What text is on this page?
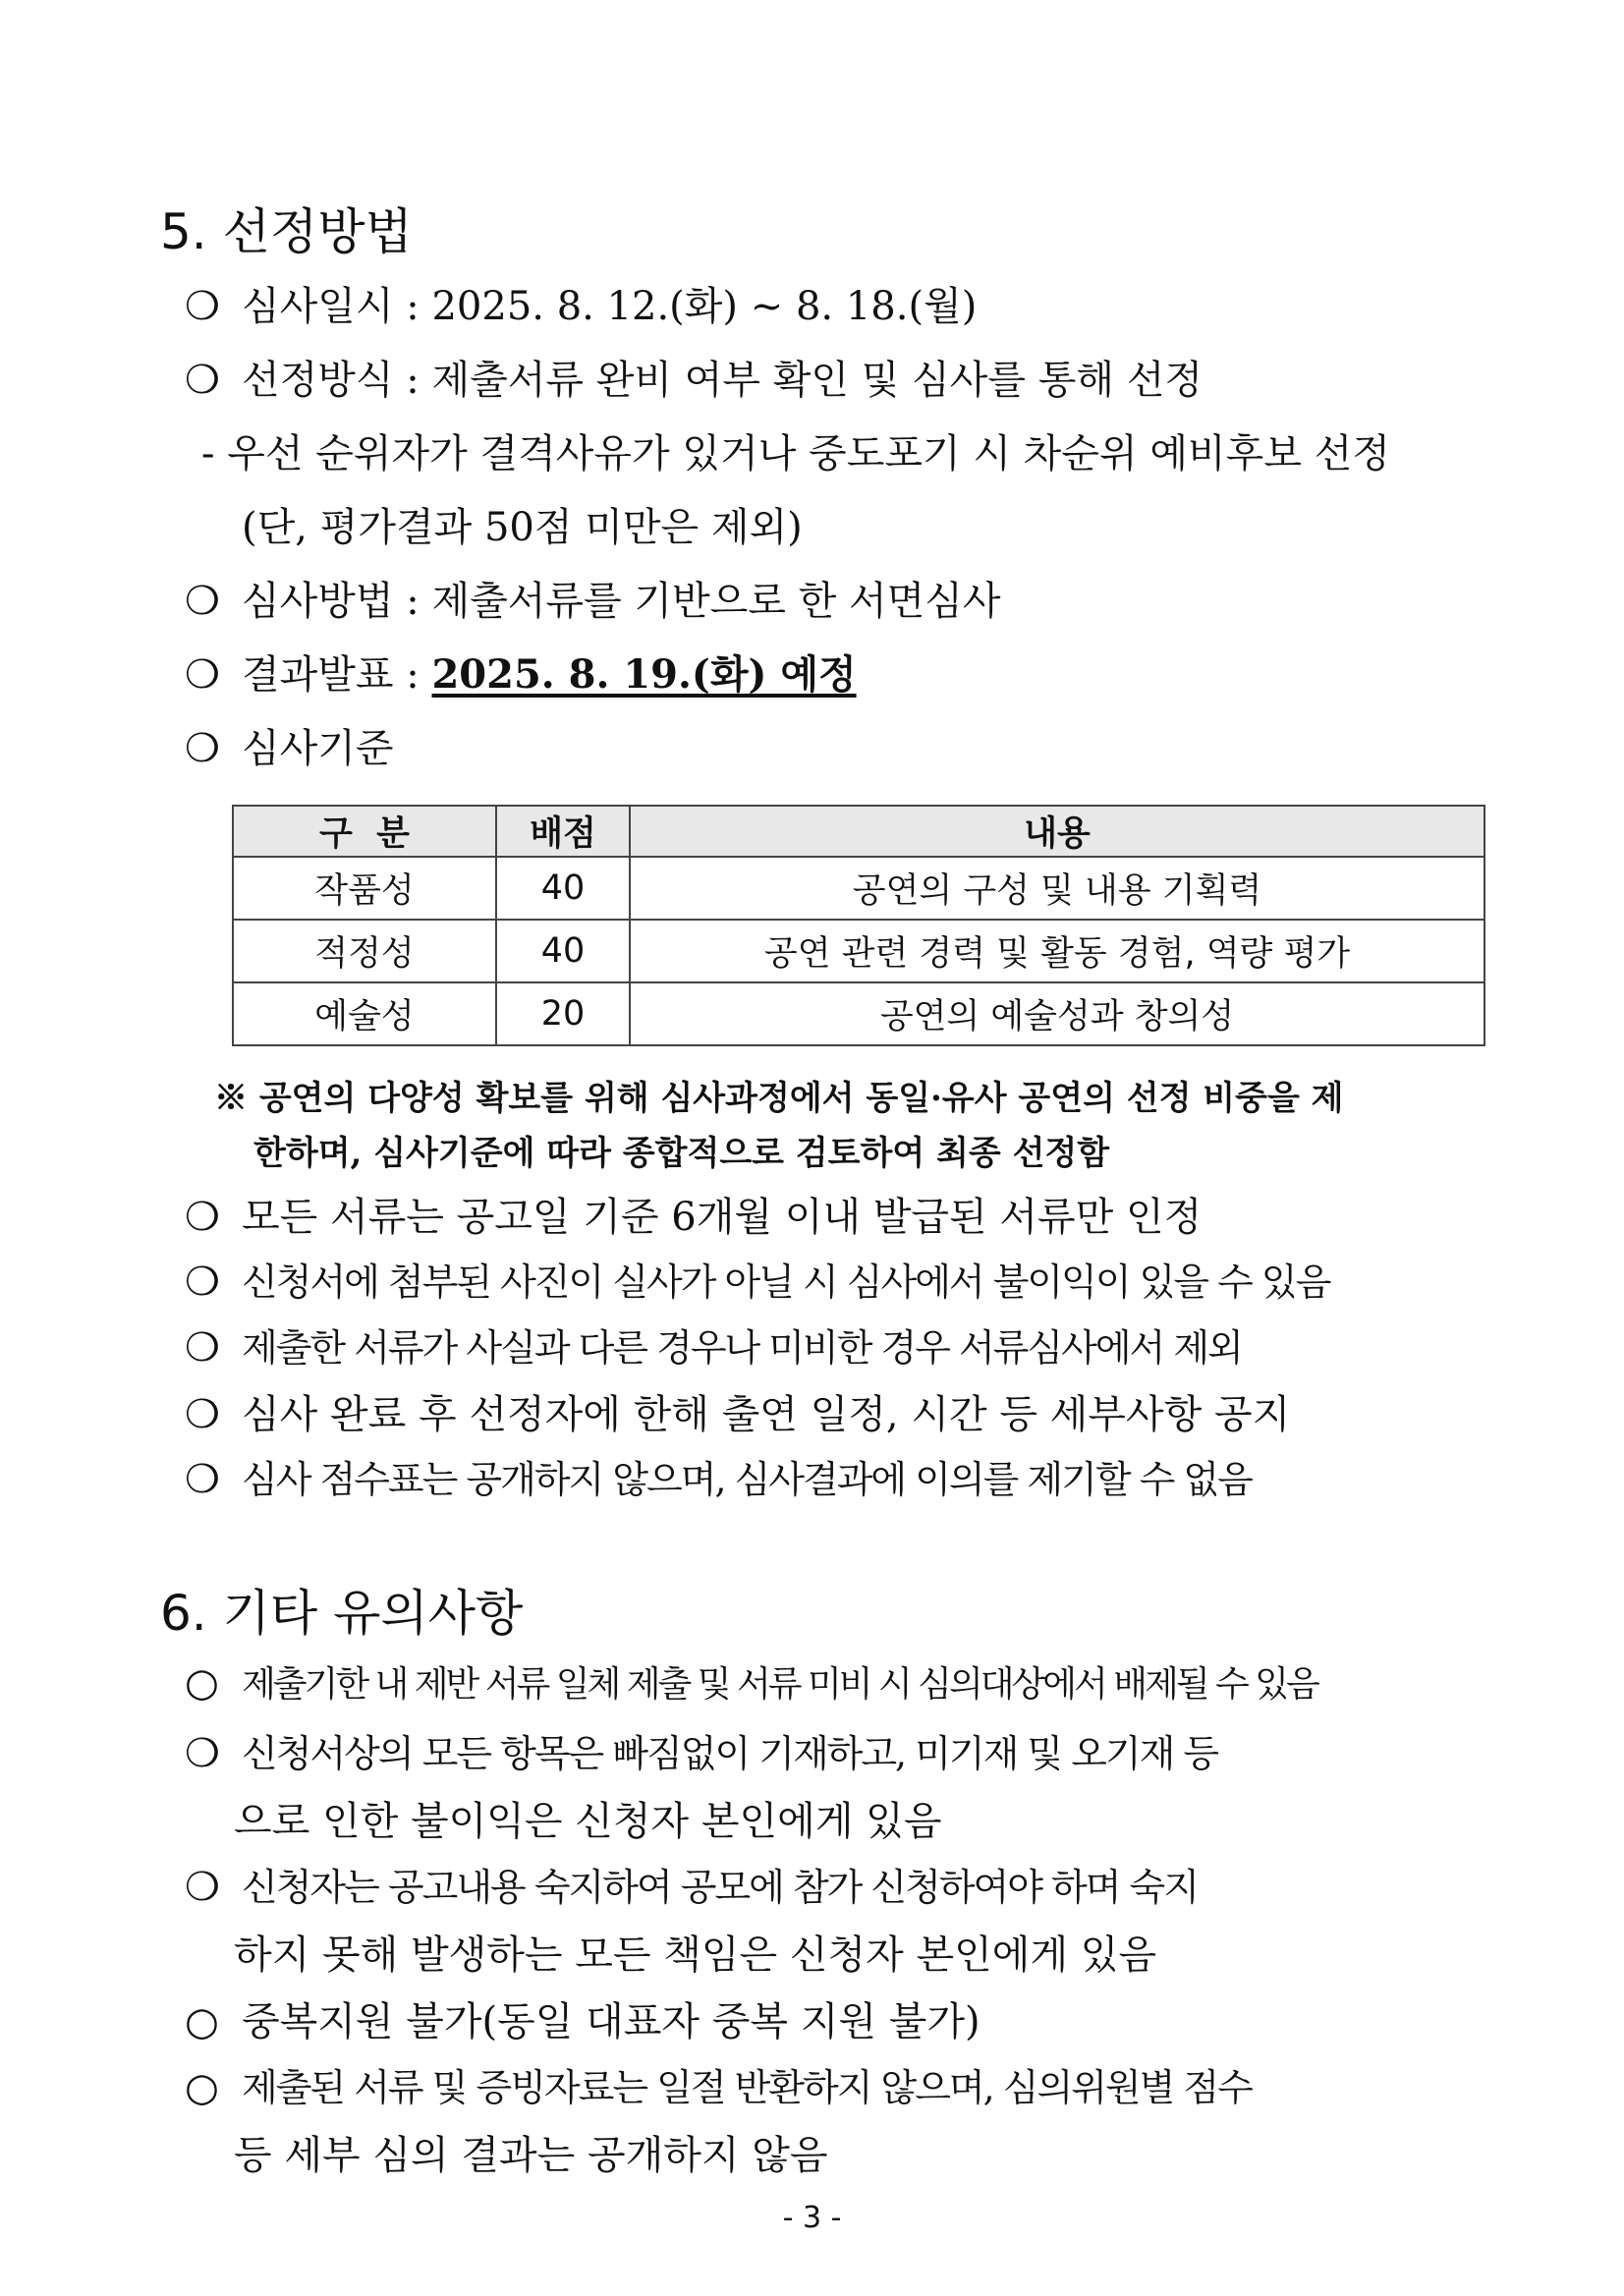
5. 선정방법
❍ 심사일시 : 2025. 8. 12.(화) ~ 8. 18.(월)
❍ 선정방식 : 제출서류 완비 여부 확인 및 심사를 통해 선정
- 우선 순위자가 결격사유가 있거나 중도포기 시 차순위 예비후보 선정
(단, 평가결과 50점 미만은 제외)
❍ 심사방법 : 제출서류를 기반으로 한 서면심사
❍ 결과발표 : 2025. 8. 19.(화) 예정
❍ 심사기준
구  분	배점	내용
작품성	40	공연의 구성 및 내용 기획력
적정성	40	공연 관련 경력 및 활동 경험, 역량 평가
예술성	20	공연의 예술성과 창의성
※ 공연의 다양성 확보를 위해 심사과정에서 동일·유사 공연의 선정 비중을 제
한하며, 심사기준에 따라 종합적으로 검토하여 최종 선정함
❍ 모든 서류는 공고일 기준 6개월 이내 발급된 서류만 인정
❍ 신청서에 첨부된 사진이 실사가 아닐 시 심사에서 불이익이 있을 수 있음
❍ 제출한 서류가 사실과 다른 경우나 미비한 경우 서류심사에서 제외
❍ 심사 완료 후 선정자에 한해 출연 일정, 시간 등 세부사항 공지
❍ 심사 점수표는 공개하지 않으며, 심사결과에 이의를 제기할 수 없음
6. 기타 유의사항
○ 제출기한 내 제반 서류 일체 제출 및 서류 미비 시 심의대상에서 배제될 수 있음
❍ 신청서상의 모든 항목은 빠짐없이 기재하고, 미기재 및 오기재 등
으로 인한 불이익은 신청자 본인에게 있음
❍ 신청자는 공고내용 숙지하여 공모에 참가 신청하여야 하며 숙지
하지 못해 발생하는 모든 책임은 신청자 본인에게 있음
○ 중복지원 불가(동일 대표자 중복 지원 불가)
○ 제출된 서류 및 증빙자료는 일절 반환하지 않으며, 심의위원별 점수
등 세부 심의 결과는 공개하지 않음
- 3 -
